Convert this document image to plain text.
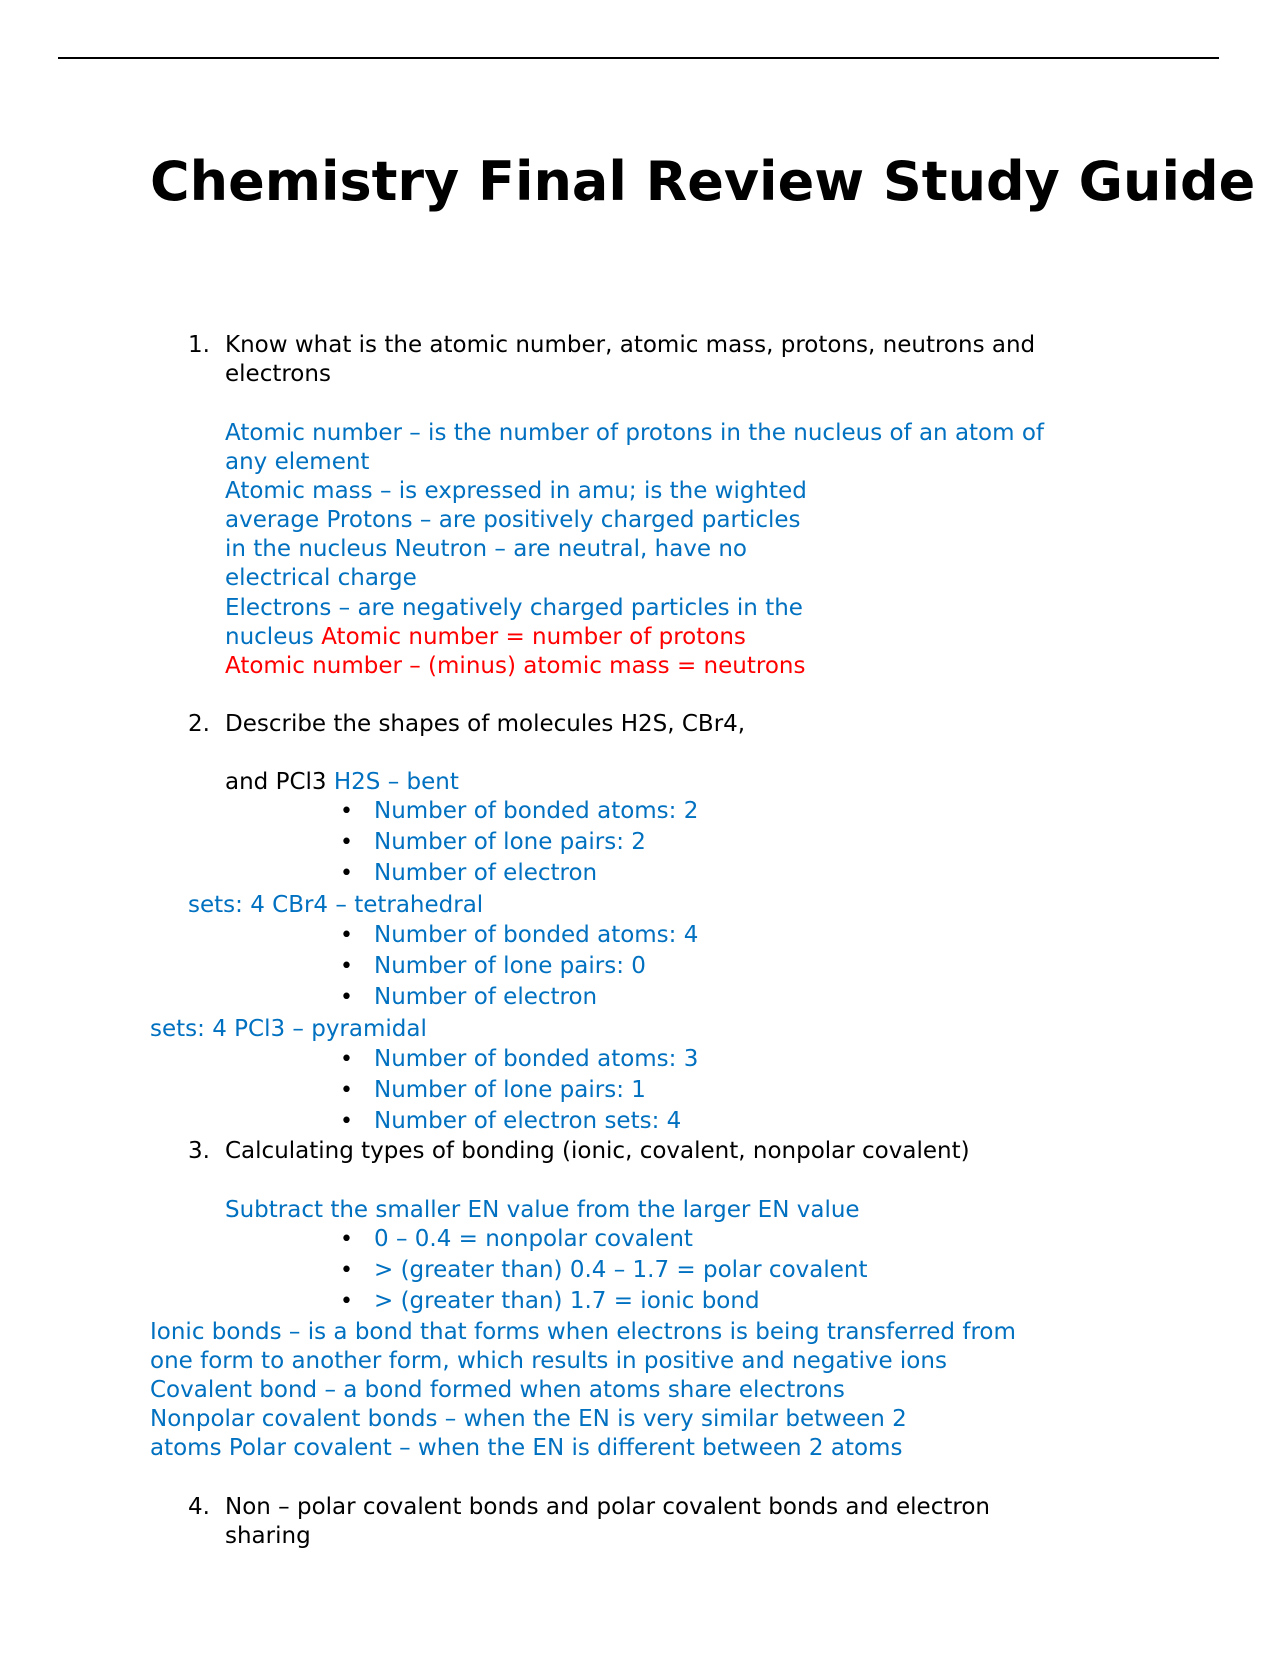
Chemistry Final Review Study Guide
1. Know what is the atomic number, atomic mass, protons, neutrons and
electrons
Atomic number – is the number of protons in the nucleus of an atom of
any element
Atomic mass – is expressed in amu; is the wighted
average Protons – are positively charged particles
in the nucleus Neutron – are neutral, have no
electrical charge
Electrons – are negatively charged particles in the
nucleus Atomic number = number of protons
Atomic number – (minus) atomic mass = neutrons
2. Describe the shapes of molecules H2S, CBr4,
and PCl3 H2S – bent
• Number of bonded atoms: 2
• Number of lone pairs: 2
• Number of electron
sets: 4 CBr4 – tetrahedral
• Number of bonded atoms: 4
• Number of lone pairs: 0
• Number of electron
sets: 4 PCl3 – pyramidal
• Number of bonded atoms: 3
• Number of lone pairs: 1
• Number of electron sets: 4
3. Calculating types of bonding (ionic, covalent, nonpolar covalent)
Subtract the smaller EN value from the larger EN value
• 0 – 0.4 = nonpolar covalent
• > (greater than) 0.4 – 1.7 = polar covalent
• > (greater than) 1.7 = ionic bond
Ionic bonds – is a bond that forms when electrons is being transferred from
one form to another form, which results in positive and negative ions
Covalent bond – a bond formed when atoms share electrons
Nonpolar covalent bonds – when the EN is very similar between 2
atoms Polar covalent – when the EN is different between 2 atoms
4. Non – polar covalent bonds and polar covalent bonds and electron
sharing
